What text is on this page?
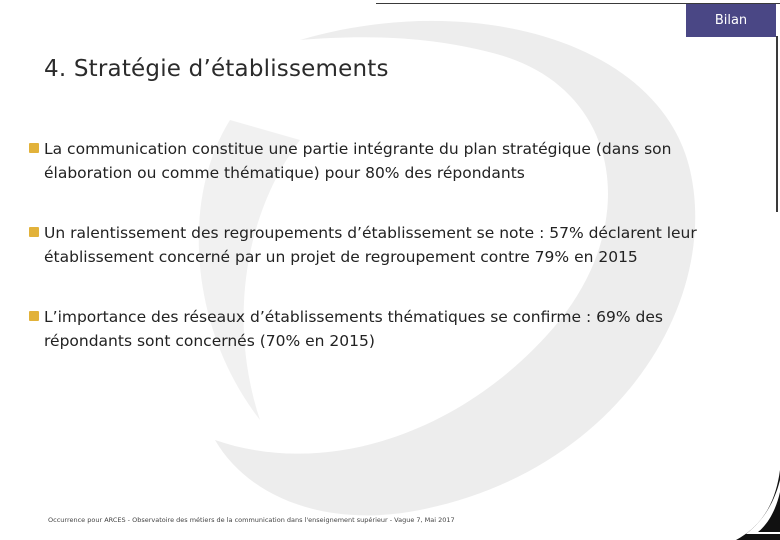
Bilan
4. Stratégie d’établissements
La communication constitue une partie intégrante du plan stratégique (dans son élaboration ou comme thématique) pour 80% des répondants
Un ralentissement des regroupements d’établissement se note : 57% déclarent leur établissement concerné par un projet de regroupement contre 79% en 2015
L’importance des réseaux d’établissements thématiques se confirme : 69% des répondants sont concernés (70% en 2015)
Occurrence pour ARCES - Observatoire des métiers de la communication dans l'enseignement supérieur - Vague 7, Mai 2017
